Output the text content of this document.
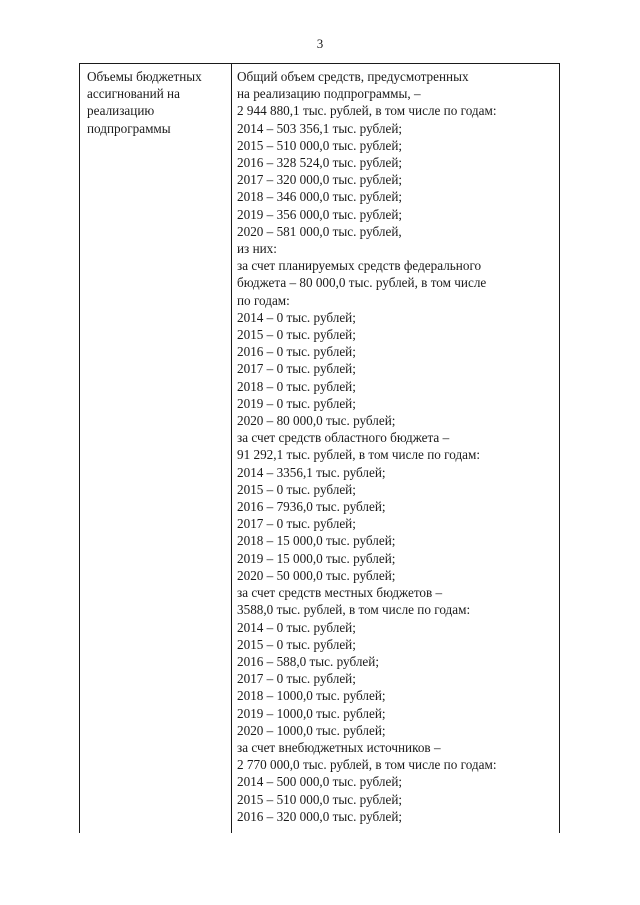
3
Объемы бюджетных
ассигнований на
реализацию
подпрограммы
Общий объем средств, предусмотренных
на реализацию подпрограммы, –
2 944 880,1 тыс. рублей, в том числе по годам:
2014 – 503 356,1 тыс. рублей;
2015 – 510 000,0 тыс. рублей;
2016 – 328 524,0 тыс. рублей;
2017 – 320 000,0 тыс. рублей;
2018 – 346 000,0 тыс. рублей;
2019 – 356 000,0 тыс. рублей;
2020 – 581 000,0 тыс. рублей,
из них:
за счет планируемых средств федерального
бюджета – 80 000,0 тыс. рублей, в том числе
по годам:
2014 – 0 тыс. рублей;
2015 – 0 тыс. рублей;
2016 – 0 тыс. рублей;
2017 – 0 тыс. рублей;
2018 – 0 тыс. рублей;
2019 – 0 тыс. рублей;
2020 – 80 000,0 тыс. рублей;
за счет средств областного бюджета –
91 292,1 тыс. рублей, в том числе по годам:
2014 – 3356,1 тыс. рублей;
2015 – 0 тыс. рублей;
2016 – 7936,0 тыс. рублей;
2017 – 0 тыс. рублей;
2018 – 15 000,0 тыс. рублей;
2019 – 15 000,0 тыс. рублей;
2020 – 50 000,0 тыс. рублей;
за счет средств местных бюджетов –
3588,0 тыс. рублей, в том числе по годам:
2014 – 0 тыс. рублей;
2015 – 0 тыс. рублей;
2016 – 588,0 тыс. рублей;
2017 – 0 тыс. рублей;
2018 – 1000,0 тыс. рублей;
2019 – 1000,0 тыс. рублей;
2020 – 1000,0 тыс. рублей;
за счет внебюджетных источников –
2 770 000,0 тыс. рублей, в том числе по годам:
2014 – 500 000,0 тыс. рублей;
2015 – 510 000,0 тыс. рублей;
2016 – 320 000,0 тыс. рублей;
